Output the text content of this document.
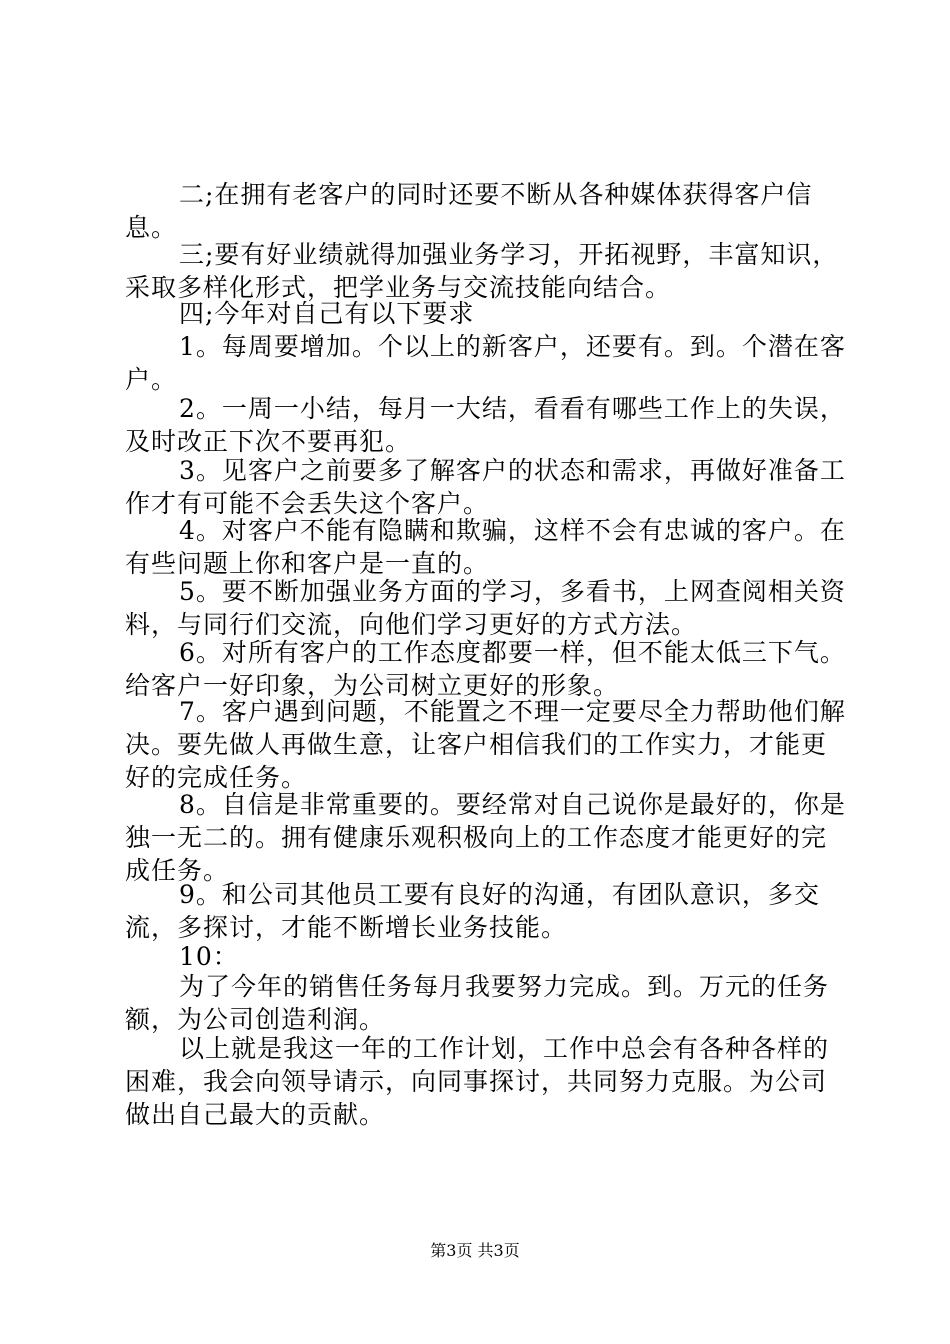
二;在拥有老客户的同时还要不断从各种媒体获得客户信息。

三;要有好业绩就得加强业务学习，开拓视野，丰富知识，采取多样化形式，把学业务与交流技能向结合。

四;今年对自己有以下要求

1。每周要增加。个以上的新客户，还要有。到。个潜在客户。

2。一周一小结，每月一大结，看看有哪些工作上的失误，及时改正下次不要再犯。

3。见客户之前要多了解客户的状态和需求，再做好准备工作才有可能不会丢失这个客户。

4。对客户不能有隐瞒和欺骗，这样不会有忠诚的客户。在有些问题上你和客户是一直的。

5。要不断加强业务方面的学习，多看书，上网查阅相关资料，与同行们交流，向他们学习更好的方式方法。

6。对所有客户的工作态度都要一样，但不能太低三下气。给客户一好印象，为公司树立更好的形象。

7。客户遇到问题，不能置之不理一定要尽全力帮助他们解决。要先做人再做生意，让客户相信我们的工作实力，才能更好的完成任务。

8。自信是非常重要的。要经常对自己说你是最好的，你是独一无二的。拥有健康乐观积极向上的工作态度才能更好的完成任务。

9。和公司其他员工要有良好的沟通，有团队意识，多交流，多探讨，才能不断增长业务技能。

10：

为了今年的销售任务每月我要努力完成。到。万元的任务额，为公司创造利润。

以上就是我这一年的工作计划，工作中总会有各种各样的困难，我会向领导请示，向同事探讨，共同努力克服。为公司做出自己最大的贡献。

第3页 共3页
